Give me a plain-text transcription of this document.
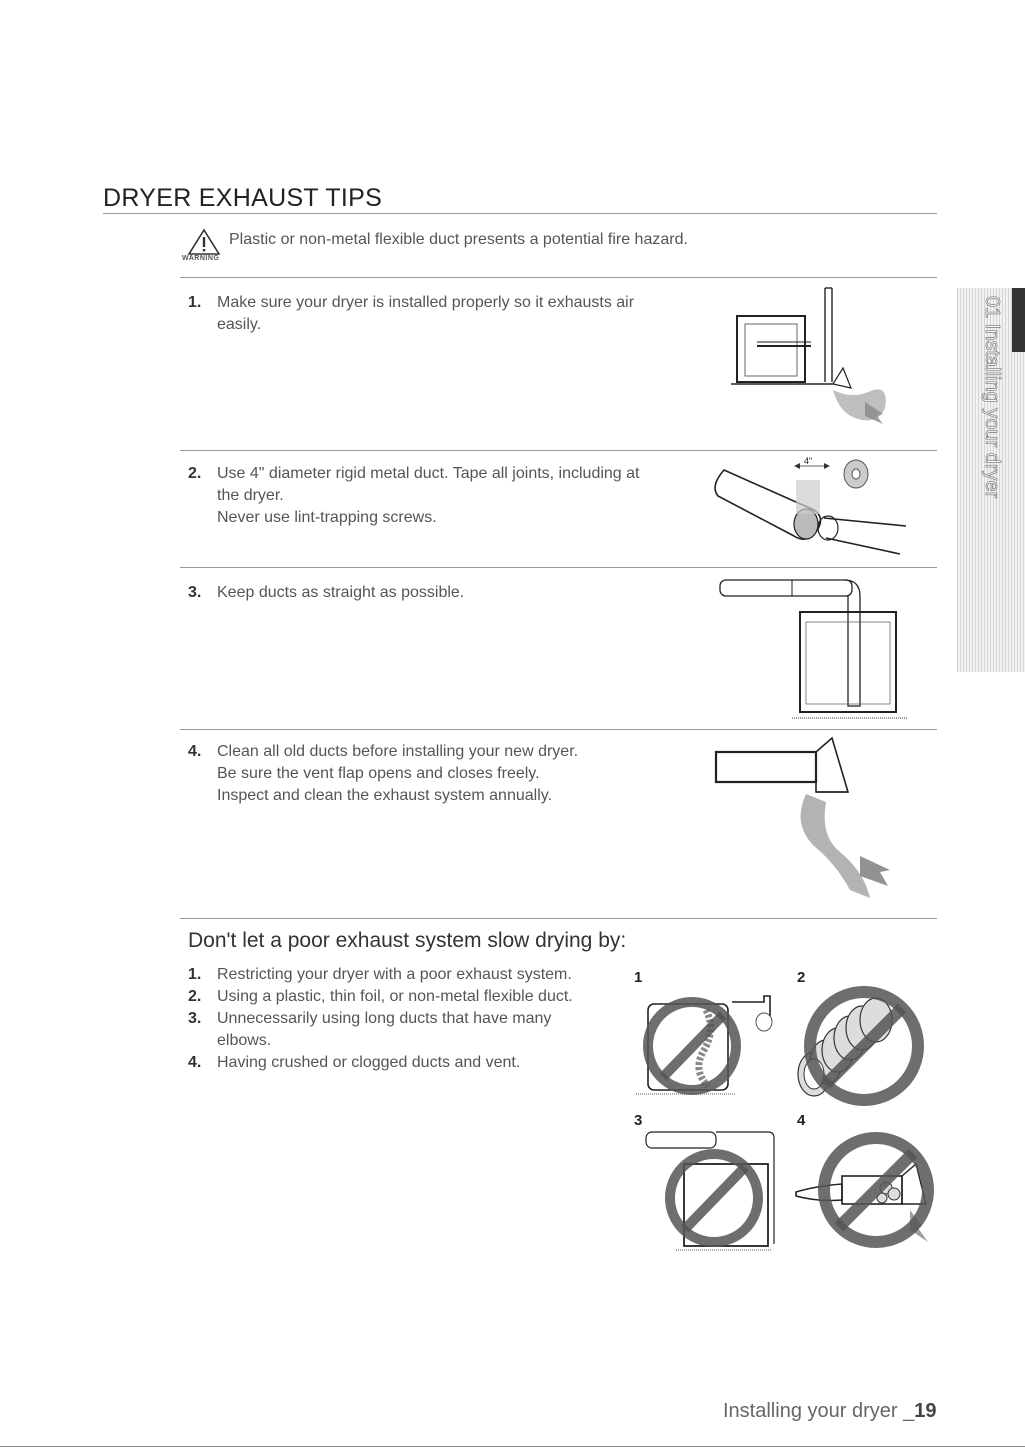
DRYER EXHAUST TIPS
WARNING
Plastic or non-metal flexible duct presents a potential fire hazard.
1. Make sure your dryer is installed properly so it exhausts air
easily.
2. Use 4" diameter rigid metal duct. Tape all joints, including at
the dryer.
Never use lint-trapping screws.
4"
3. Keep ducts as straight as possible.
4. Clean all old ducts before installing your new dryer.
Be sure the vent flap opens and closes freely.
Inspect and clean the exhaust system annually.
Don't let a poor exhaust system slow drying by:
1. Restricting your dryer with a poor exhaust system.
2. Using a plastic, thin foil, or non-metal flexible duct.
3. Unnecessarily using long ducts that have many
elbows.
4. Having crushed or clogged ducts and vent.
1	2
3	4
01 Installing your dryer
Installing your dryer _19
